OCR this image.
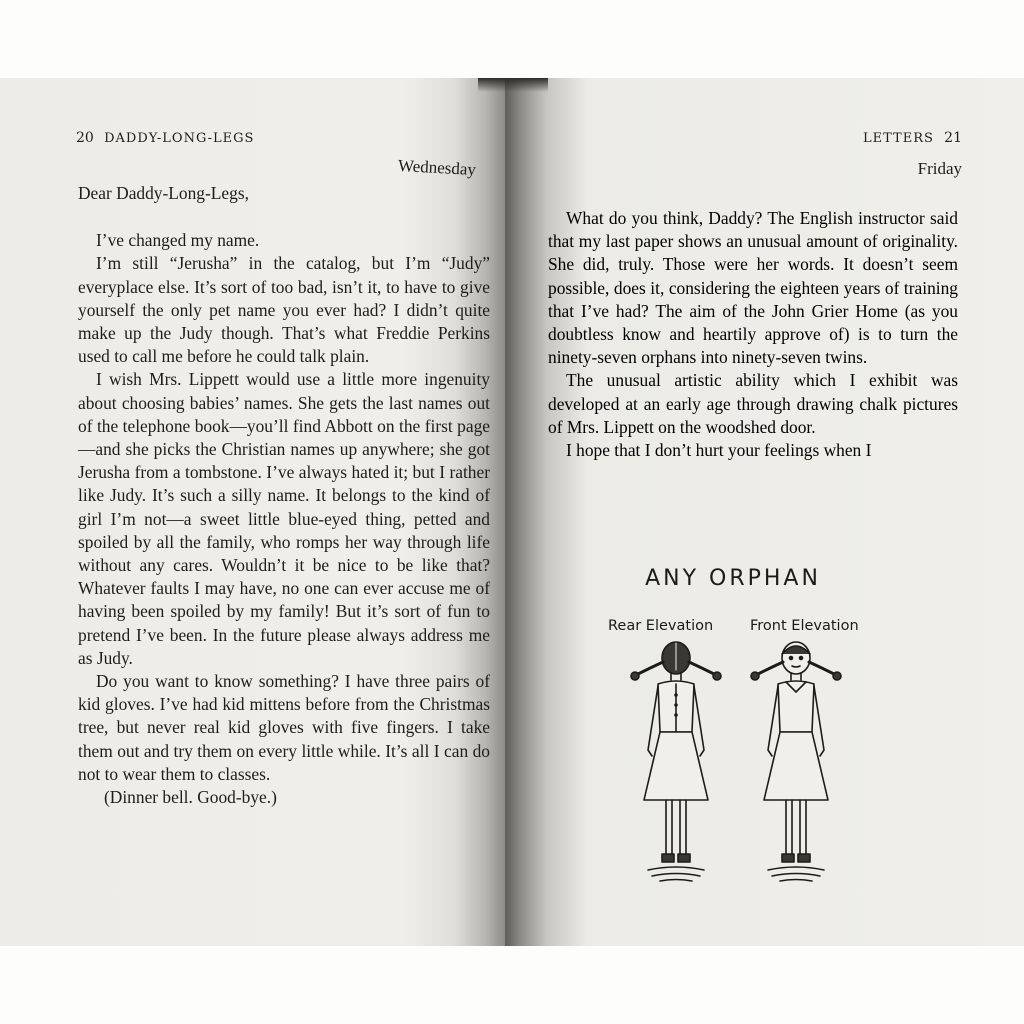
20 DADDY-LONG-LEGS
Wednesday

Dear Daddy-Long-Legs,

I’ve changed my name.

I’m still “Jerusha” in the catalog, but I’m “Judy” everyplace else. It’s sort of too bad, isn’t it, to have to give yourself the only pet name you ever had? I didn’t quite make up the Judy though. That’s what Freddie Perkins used to call me before he could talk plain.

I wish Mrs. Lippett would use a little more ingenuity about choosing babies’ names. She gets the last names out of the telephone book—you’ll find Abbott on the first page—and she picks the Christian names up anywhere; she got Jerusha from a tombstone. I’ve always hated it; but I rather like Judy. It’s such a silly name. It belongs to the kind of girl I’m not—a sweet little blue-eyed thing, petted and spoiled by all the family, who romps her way through life without any cares. Wouldn’t it be nice to be like that? Whatever faults I may have, no one can ever accuse me of having been spoiled by my family! But it’s sort of fun to pretend I’ve been. In the future please always address me as Judy.

Do you want to know something? I have three pairs of kid gloves. I’ve had kid mittens before from the Christmas tree, but never real kid gloves with five fingers. I take them out and try them on every little while. It’s all I can do not to wear them to classes.

(Dinner bell. Good-bye.)

LETTERS 21
Friday

What do you think, Daddy? The English instructor said that my last paper shows an unusual amount of originality. She did, truly. Those were her words. It doesn’t seem possible, does it, considering the eighteen years of training that I’ve had? The aim of the John Grier Home (as you doubtless know and heartily approve of) is to turn the ninety-seven orphans into ninety-seven twins.

The unusual artistic ability which I exhibit was developed at an early age through drawing chalk pictures of Mrs. Lippett on the woodshed door.

I hope that I don’t hurt your feelings when I

ANY ORPHAN
Rear Elevation	Front Elevation
